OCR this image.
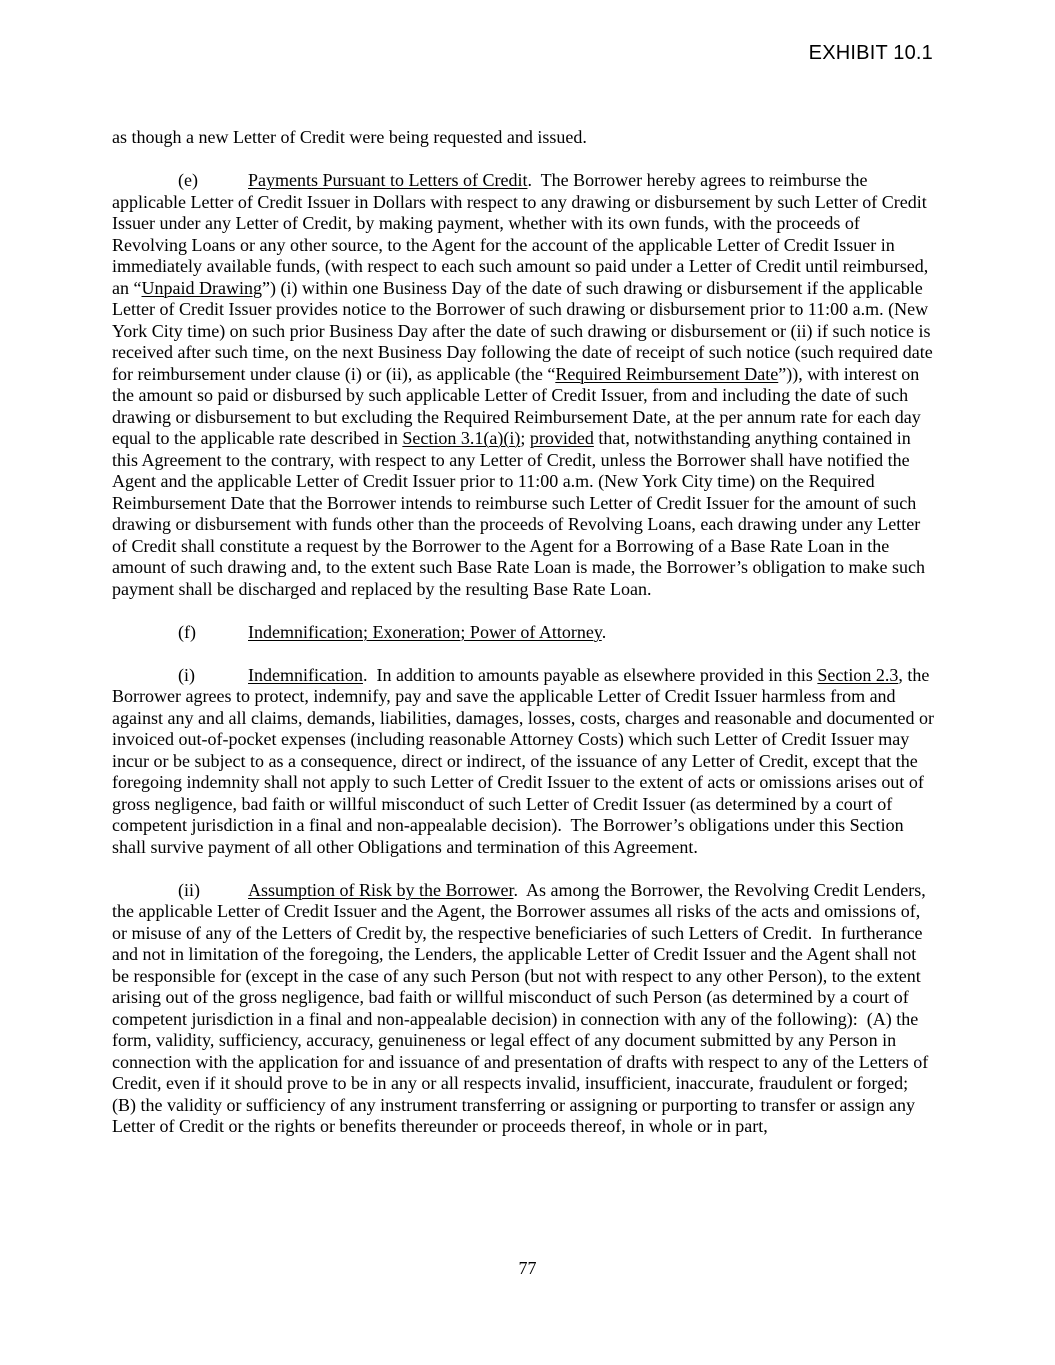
EXHIBIT 10.1

as though a new Letter of Credit were being requested and issued.

(e)	Payments Pursuant to Letters of Credit.  The Borrower hereby agrees to reimburse the applicable Letter of Credit Issuer in Dollars with respect to any drawing or disbursement by such Letter of Credit Issuer under any Letter of Credit, by making payment, whether with its own funds, with the proceeds of Revolving Loans or any other source, to the Agent for the account of the applicable Letter of Credit Issuer in immediately available funds, (with respect to each such amount so paid under a Letter of Credit until reimbursed, an “Unpaid Drawing”) (i) within one Business Day of the date of such drawing or disbursement if the applicable Letter of Credit Issuer provides notice to the Borrower of such drawing or disbursement prior to 11:00 a.m. (New York City time) on such prior Business Day after the date of such drawing or disbursement or (ii) if such notice is received after such time, on the next Business Day following the date of receipt of such notice (such required date for reimbursement under clause (i) or (ii), as applicable (the “Required Reimbursement Date”)), with interest on the amount so paid or disbursed by such applicable Letter of Credit Issuer, from and including the date of such drawing or disbursement to but excluding the Required Reimbursement Date, at the per annum rate for each day equal to the applicable rate described in Section 3.1(a)(i); provided that, notwithstanding anything contained in this Agreement to the contrary, with respect to any Letter of Credit, unless the Borrower shall have notified the Agent and the applicable Letter of Credit Issuer prior to 11:00 a.m. (New York City time) on the Required Reimbursement Date that the Borrower intends to reimburse such Letter of Credit Issuer for the amount of such drawing or disbursement with funds other than the proceeds of Revolving Loans, each drawing under any Letter of Credit shall constitute a request by the Borrower to the Agent for a Borrowing of a Base Rate Loan in the amount of such drawing and, to the extent such Base Rate Loan is made, the Borrower’s obligation to make such payment shall be discharged and replaced by the resulting Base Rate Loan.

(f)	Indemnification; Exoneration; Power of Attorney.

(i)	Indemnification.  In addition to amounts payable as elsewhere provided in this Section 2.3, the Borrower agrees to protect, indemnify, pay and save the applicable Letter of Credit Issuer harmless from and against any and all claims, demands, liabilities, damages, losses, costs, charges and reasonable and documented or invoiced out-of-pocket expenses (including reasonable Attorney Costs) which such Letter of Credit Issuer may incur or be subject to as a consequence, direct or indirect, of the issuance of any Letter of Credit, except that the foregoing indemnity shall not apply to such Letter of Credit Issuer to the extent of acts or omissions arises out of gross negligence, bad faith or willful misconduct of such Letter of Credit Issuer (as determined by a court of competent jurisdiction in a final and non-appealable decision).  The Borrower’s obligations under this Section shall survive payment of all other Obligations and termination of this Agreement.

(ii)	Assumption of Risk by the Borrower.  As among the Borrower, the Revolving Credit Lenders, the applicable Letter of Credit Issuer and the Agent, the Borrower assumes all risks of the acts and omissions of, or misuse of any of the Letters of Credit by, the respective beneficiaries of such Letters of Credit.  In furtherance and not in limitation of the foregoing, the Lenders, the applicable Letter of Credit Issuer and the Agent shall not be responsible for (except in the case of any such Person (but not with respect to any other Person), to the extent arising out of the gross negligence, bad faith or willful misconduct of such Person (as determined by a court of competent jurisdiction in a final and non-appealable decision) in connection with any of the following):  (A) the form, validity, sufficiency, accuracy, genuineness or legal effect of any document submitted by any Person in connection with the application for and issuance of and presentation of drafts with respect to any of the Letters of Credit, even if it should prove to be in any or all respects invalid, insufficient, inaccurate, fraudulent or forged; (B) the validity or sufficiency of any instrument transferring or assigning or purporting to transfer or assign any Letter of Credit or the rights or benefits thereunder or proceeds thereof, in whole or in part,

77
